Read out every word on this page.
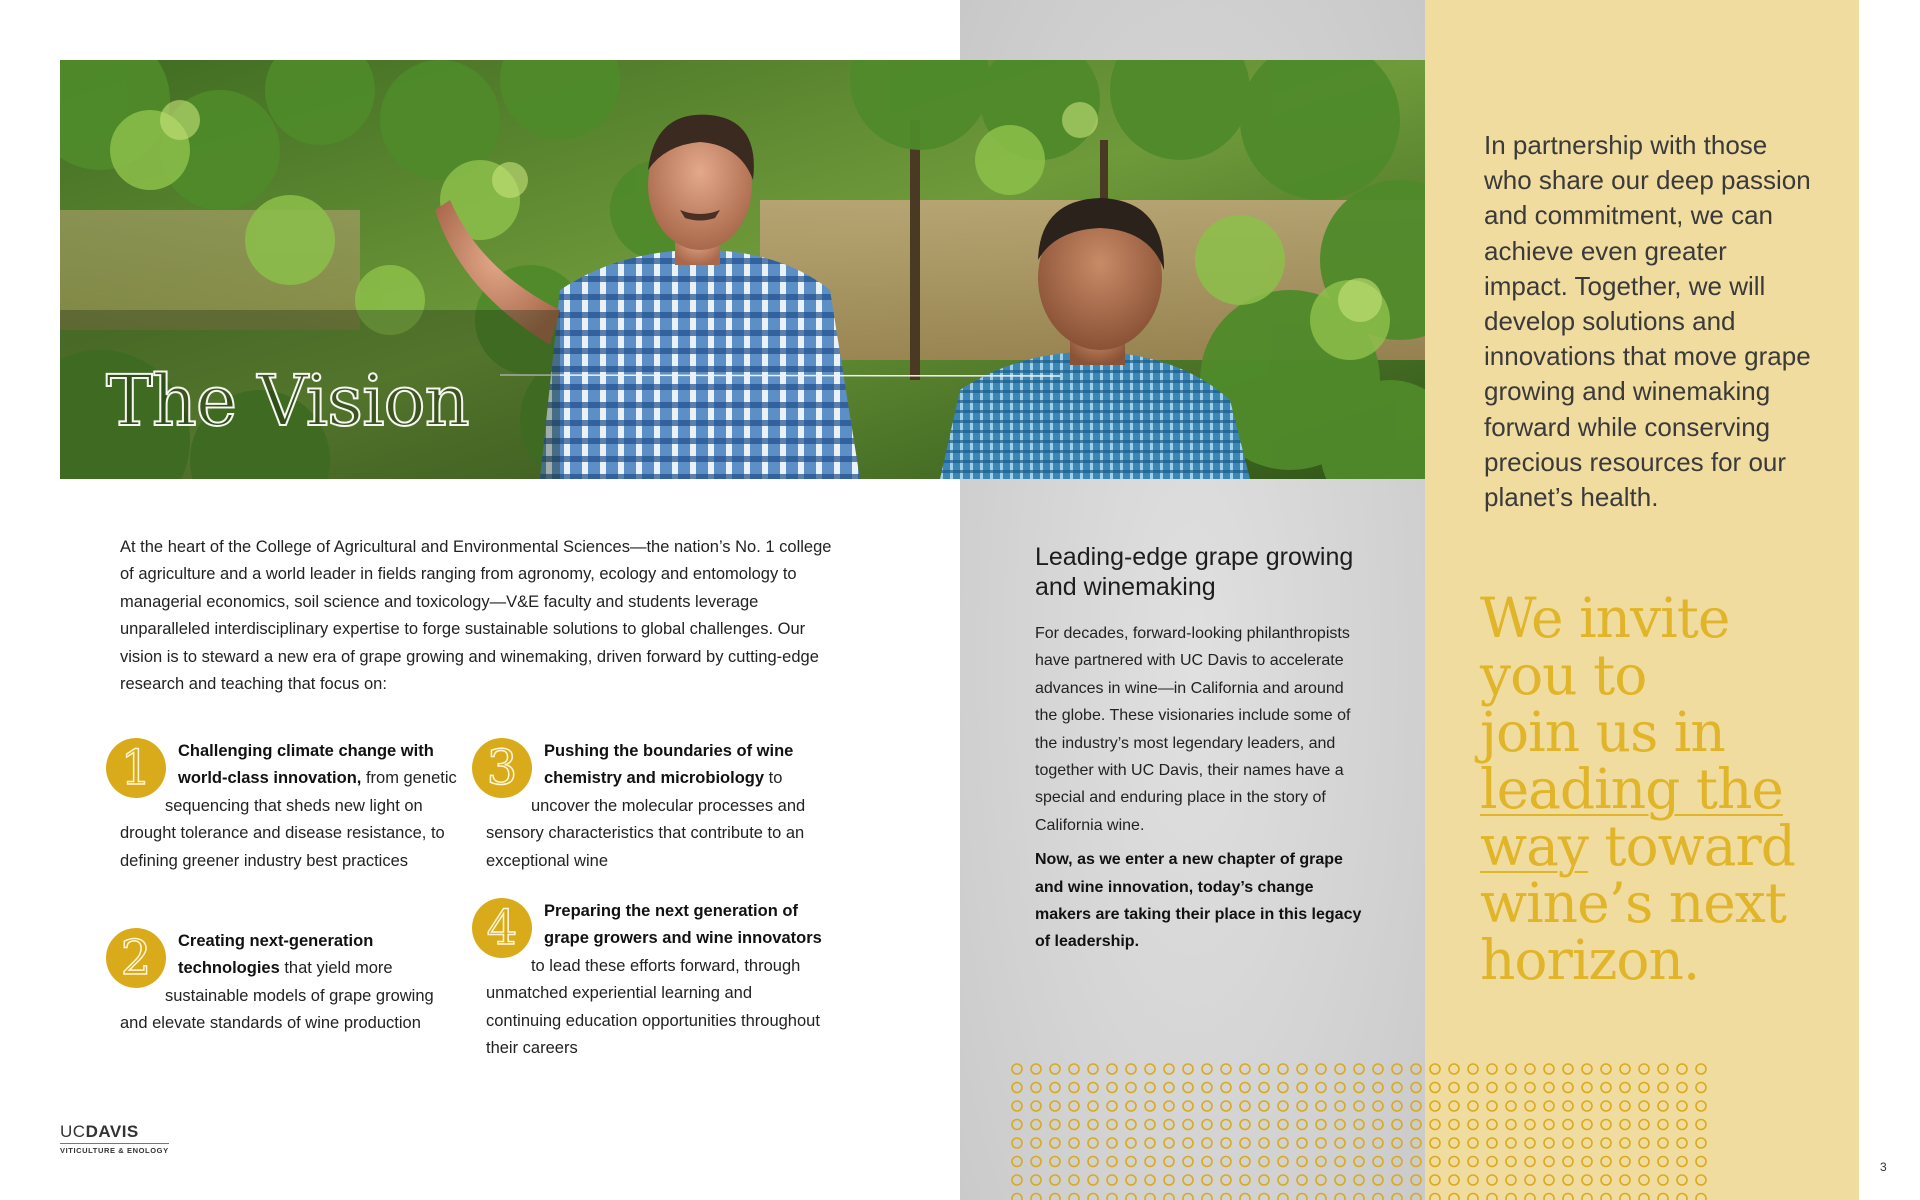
The Vision
At the heart of the College of Agricultural and Environmental Sciences—the nation’s No. 1 college of agriculture and a world leader in fields ranging from agronomy, ecology and entomology to managerial economics, soil science and toxicology—V&E faculty and students leverage unparalleled interdisciplinary expertise to forge sustainable solutions to global challenges. Our vision is to steward a new era of grape growing and winemaking, driven forward by cutting-edge research and teaching that focus on:
1	Challenging climate change with world-class innovation, from genetic sequencing that sheds new light on drought tolerance and disease resistance, to defining greener industry best practices
2	Creating next-generation technologies that yield more sustainable models of grape growing and elevate standards of wine production
3	Pushing the boundaries of wine chemistry and microbiology to uncover the molecular processes and sensory characteristics that contribute to an exceptional wine
4	Preparing the next generation of grape growers and wine innovators to lead these efforts forward, through unmatched experiential learning and continuing education opportunities throughout their careers
Leading-edge grape growing and winemaking

For decades, forward-looking philanthropists have partnered with UC Davis to accelerate advances in wine—in California and around the globe. These visionaries include some of the industry’s most legendary leaders, and together with UC Davis, their names have a special and enduring place in the story of California wine.

Now, as we enter a new chapter of grape and wine innovation, today’s change makers are taking their place in this legacy of leadership.

In partnership with those who share our deep passion and commitment, we can achieve even greater impact. Together, we will develop solutions and innovations that move grape growing and winemaking forward while conserving precious resources for our planet’s health.
We invite
you to
join us in
leading the
way toward
wine’s next
horizon.
UCDAVIS
VITICULTURE & ENOLOGY
3
